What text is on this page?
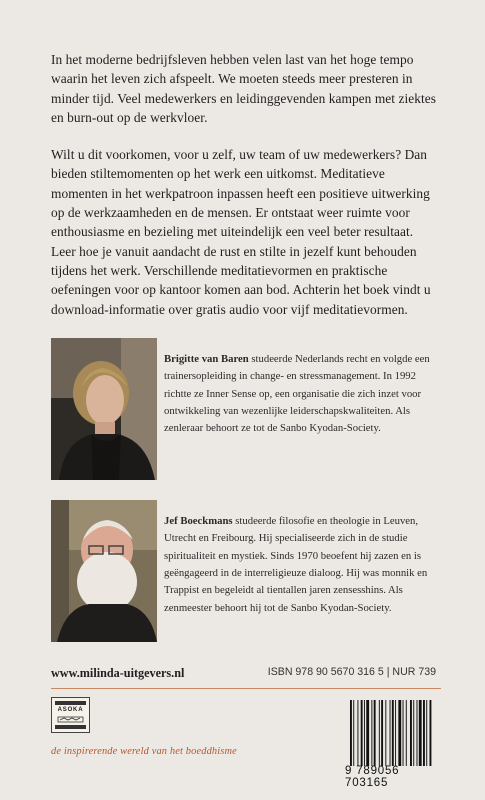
In het moderne bedrijfsleven hebben velen last van het hoge tempo waarin het leven zich afspeelt. We moeten steeds meer presteren in minder tijd. Veel medewerkers en leidinggevenden kampen met ziektes en burn-out op de werkvloer.

Wilt u dit voorkomen, voor u zelf, uw team of uw medewerkers? Dan bieden stiltemomenten op het werk een uitkomst. Meditatieve momenten in het werkpatroon inpassen heeft een positieve uitwerking op de werkzaamheden en de mensen. Er ontstaat weer ruimte voor enthousiasme en bezieling met uiteindelijk een veel beter resultaat. Leer hoe je vanuit aandacht de rust en stilte in jezelf kunt behouden tijdens het werk. Verschillende meditatievormen en praktische oefeningen voor op kantoor komen aan bod. Achterin het boek vindt u download-informatie over gratis audio voor vijf meditatievormen.

Brigitte van Baren studeerde Nederlands recht en volgde een trainersopleiding in change- en stressmanagement. In 1992 richtte ze Inner Sense op, een organisatie die zich inzet voor ontwikkeling van wezenlijke leiderschapskwaliteiten. Als zenleraar behoort ze tot de Sanbo Kyodan-Society.

Jef Boeckmans studeerde filosofie en theologie in Leuven, Utrecht en Freibourg. Hij specialiseerde zich in de studie spiritualiteit en mystiek. Sinds 1970 beoefent hij zazen en is geëngageerd in de interreligieuze dialoog. Hij was monnik en Trappist en begeleidt al tientallen jaren zensesshins. Als zenmeester behoort hij tot de Sanbo Kyodan-Society.

www.milinda-uitgevers.nl	ISBN 978 90 5670 316 5 | NUR 739
ASOKA
de inspirerende wereld van het boeddhisme
9 789056 703165
